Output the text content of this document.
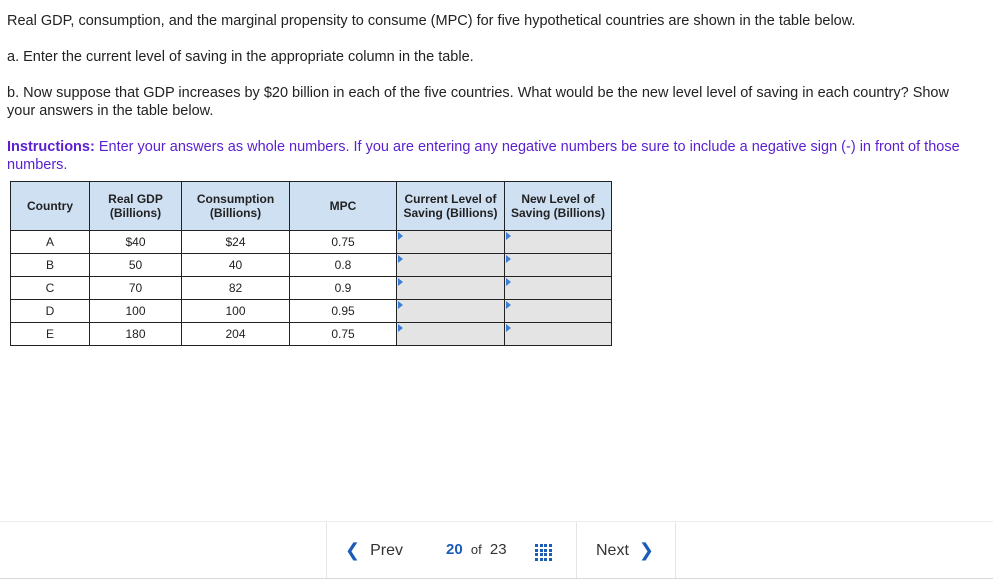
Real GDP, consumption, and the marginal propensity to consume (MPC) for five hypothetical countries are shown in the table below.

a. Enter the current level of saving in the appropriate column in the table.

b. Now suppose that GDP increases by $20 billion in each of the five countries. What would be the new level level of saving in each country? Show your answers in the table below.

Instructions: Enter your answers as whole numbers. If you are entering any negative numbers be sure to include a negative sign (-) in front of those numbers.

Country	Real GDP (Billions)	Consumption (Billions)	MPC	Current Level of Saving (Billions)	New Level of Saving (Billions)
A	$40	$24	0.75	

B	50	40	0.8	

C	70	82	0.9	

D	100	100	0.95	

E	180	204	0.75	

❮ Prev	20 of 23	Next ❯
